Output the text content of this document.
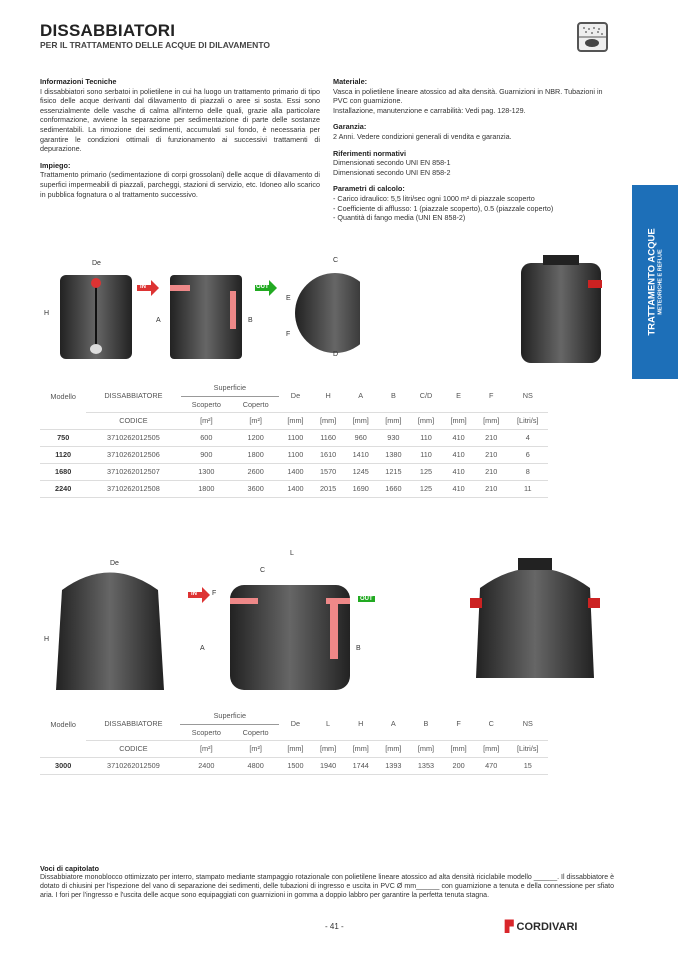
DISSABBIATORI
PER IL TRATTAMENTO DELLE ACQUE DI DILAVAMENTO
Informazioni Tecniche

I dissabbiatori sono serbatoi in polietilene in cui ha luogo un trattamento primario di tipo fisico delle acque derivanti dal dilavamento di piazzali o aree si sosta. Essi sono essenzialmente delle vasche di calma all'interno delle quali, grazie alla particolare conformazione, avviene la separazione per sedimentazione di parte delle sostanze sedimentabili. La rimozione dei sedimenti, accumulati sul fondo, è necessaria per garantire le condizioni ottimali di funzionamento ai successivi trattamenti di depurazione.

Impiego:

Trattamento primario (sedimentazione di corpi grossolani) delle acque di dilavamento di superfici impermeabili di piazzali, parcheggi, stazioni di servizio, etc. Idoneo allo scarico in pubblica fognatura o al trattamento successivo.

Materiale:

Vasca in polietilene lineare atossico ad alta densità. Guarnizioni in NBR. Tubazioni in PVC con guarnizione.
Installazione, manutenzione e carrabilità: Vedi pag. 128-129.

Garanzia:

2 Anni. Vedere condizioni generali di vendita e garanzia.

Riferimenti normativi

Dimensionati secondo UNI EN 858-1
Dimensionati secondo UNI EN 858-2

Parametri di calcolo:

- Carico idraulico: 5,5 litri/sec ogni 1000 m² di piazzale scoperto
- Coefficiente di afflusso: 1 (piazzale scoperto), 0.5 (piazzale coperto)
- Quantità di fango media (UNI EN 858-2)

TRATTAMENTO ACQUE METEORICHE E REFLUE
De
H
IN
A	B
OUT
C
D
E
F
Modello	DISSABBIATORE	Superficie		De	H	A	B	C/D	E	F	NS
		Scoperto	Coperto								
	CODICE	[m²]	[m²]	[mm]	[mm]	[mm]	[mm]	[mm]	[mm]	[mm]	[Litri/s]
750	3710262012505	600	1200	1100	1160	960	930	110	410	210	4
1120	3710262012506	900	1800	1100	1610	1410	1380	110	410	210	6
1680	3710262012507	1300	2600	1400	1570	1245	1215	125	410	210	8
2240	3710262012508	1800	3600	1400	2015	1690	1660	125	410	210	11
De
H
IN
L
C
F
A	B
OUT
Modello	DISSABBIATORE	Superficie		De	L	H	A	B	F	C	NS
		Scoperto	Coperto								
	CODICE	[m²]	[m²]	[mm]	[mm]	[mm]	[mm]	[mm]	[mm]	[mm]	[Litri/s]
3000	3710262012509	2400	4800	1500	1940	1744	1393	1353	200	470	15
Voci di capitolato

Dissabbiatore monoblocco ottimizzato per interro, stampato mediante stampaggio rotazionale con polietilene lineare atossico ad alta densità riciclabile modello ______. Il dissabbiatore è dotato di chiusini per l'ispezione del vano di separazione dei sedimenti, delle tubazioni di ingresso e uscita in PVC Ø mm______ con guarnizione a tenuta e della connessione per sfiato aria. I fori per l'ingresso e l'uscita delle acque sono equipaggiati con guarnizioni in gomma a doppio labbro per garantire la perfetta tenuta stagna.

- 41 -	▛ CORDIVARI
